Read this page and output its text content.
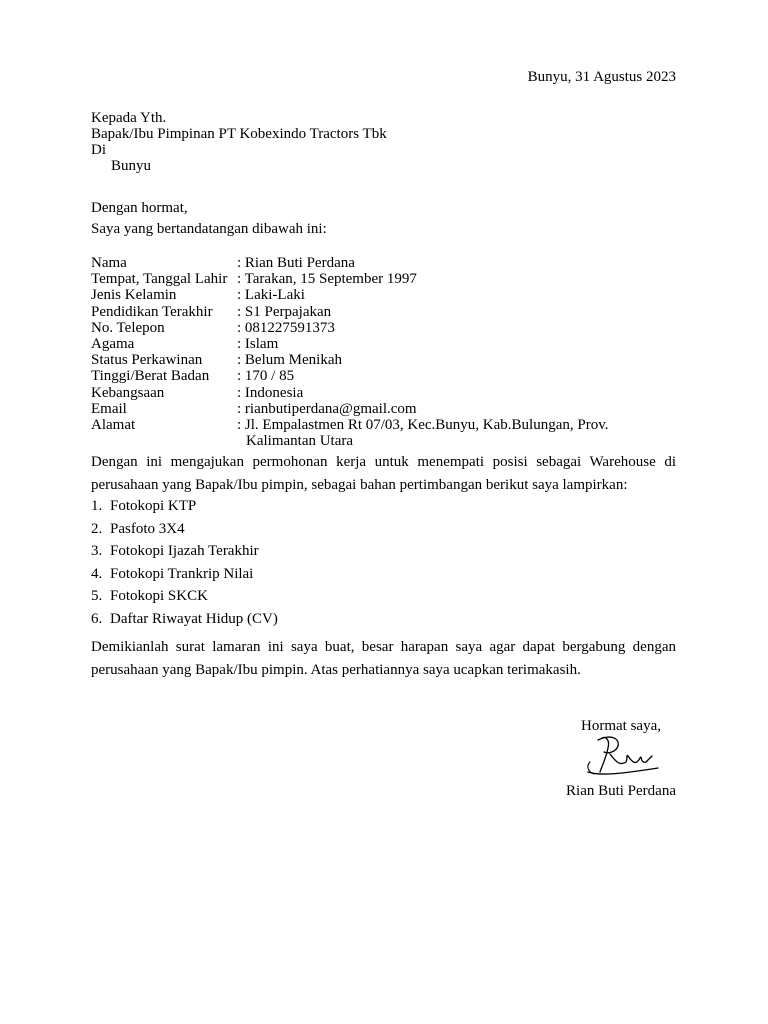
Bunyu, 31 Agustus 2023
Kepada Yth.
Bapak/Ibu Pimpinan PT Kobexindo Tractors Tbk
Di
Bunyu
Dengan hormat,
Saya yang bertandatangan dibawah ini:
Nama	: Rian Buti Perdana
Tempat, Tanggal Lahir : Tarakan, 15 September 1997
Jenis Kelamin	: Laki-Laki
Pendidikan Terakhir	: S1 Perpajakan
No. Telepon	: 081227591373
Agama	: Islam
Status Perkawinan	: Belum Menikah
Tinggi/Berat Badan	: 170 / 85
Kebangsaan	: Indonesia
Email	: rianbutiperdana@gmail.com
Alamat	: Jl. Empalastmen Rt 07/03, Kec.Bunyu, Kab.Bulungan, Prov.
Kalimantan Utara
Dengan ini mengajukan permohonan kerja untuk menempati posisi sebagai Warehouse di perusahaan yang Bapak/Ibu pimpin, sebagai bahan pertimbangan berikut saya lampirkan:
1. Fotokopi KTP
2. Pasfoto 3X4
3. Fotokopi Ijazah Terakhir
4. Fotokopi Trankrip Nilai
5. Fotokopi SKCK
6. Daftar Riwayat Hidup (CV)
Demikianlah surat lamaran ini saya buat, besar harapan saya agar dapat bergabung dengan perusahaan yang Bapak/Ibu pimpin. Atas perhatiannya saya ucapkan terimakasih.
Hormat saya,
Rian Buti Perdana
